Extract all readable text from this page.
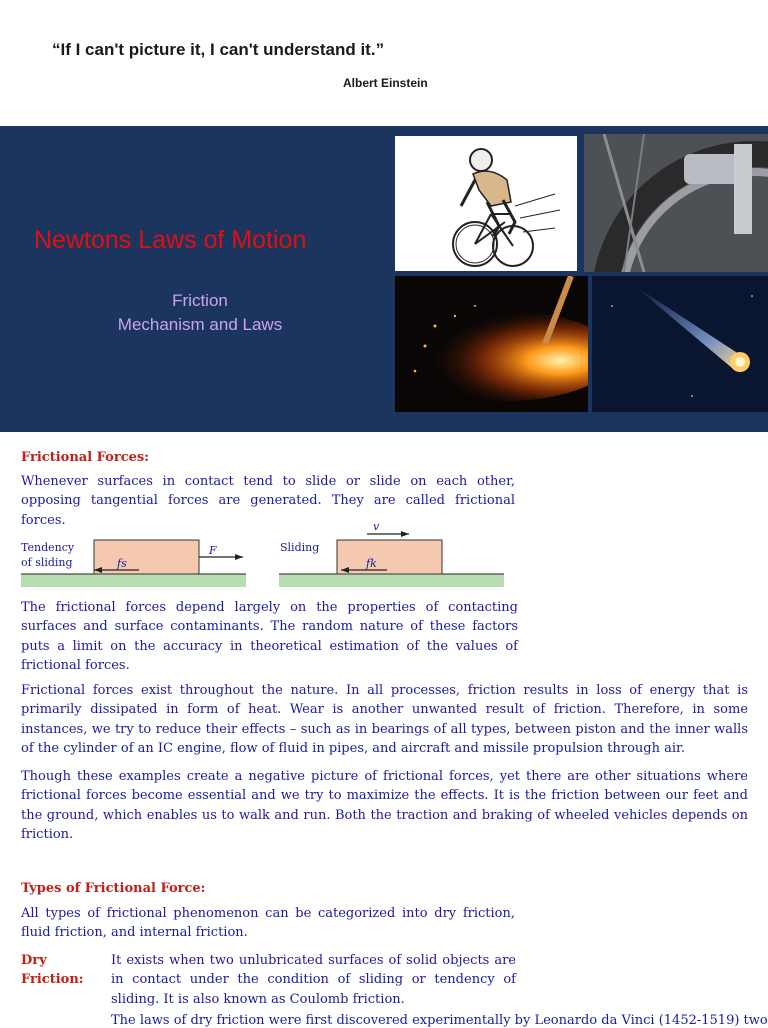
“If I can't picture it, I can't understand it.”
Albert Einstein
Newtons Laws of Motion
Friction
Mechanism and Laws
Frictional Forces:
Whenever surfaces in contact tend to slide or slide on each other, opposing tangential forces are generated. They are called frictional forces.
Tendency of sliding	fs
F	Sliding
v
fk
The frictional forces depend largely on the properties of contacting surfaces and surface contaminants. The random nature of these factors puts a limit on the accuracy in theoretical estimation of the values of frictional forces.
Frictional forces exist throughout the nature. In all processes, friction results in loss of energy that is primarily dissipated in form of heat. Wear is another unwanted result of friction. Therefore, in some instances, we try to reduce their effects – such as in bearings of all types, between piston and the inner walls of the cylinder of an IC engine, flow of fluid in pipes, and aircraft and missile propulsion through air.
Though these examples create a negative picture of frictional forces, yet there are other situations where frictional forces become essential and we try to maximize the effects. It is the friction between our feet and the ground, which enables us to walk and run. Both the traction and braking of wheeled vehicles depends on friction.
Types of Frictional Force:
All types of frictional phenomenon can be categorized into dry friction, fluid friction, and internal friction.
Dry Friction:
It exists when two unlubricated surfaces of solid objects are in contact under the condition of sliding or tendency of sliding. It is also known as Coulomb friction.
The laws of dry friction were first discovered experimentally by Leonardo da Vinci (1452-1519) two
